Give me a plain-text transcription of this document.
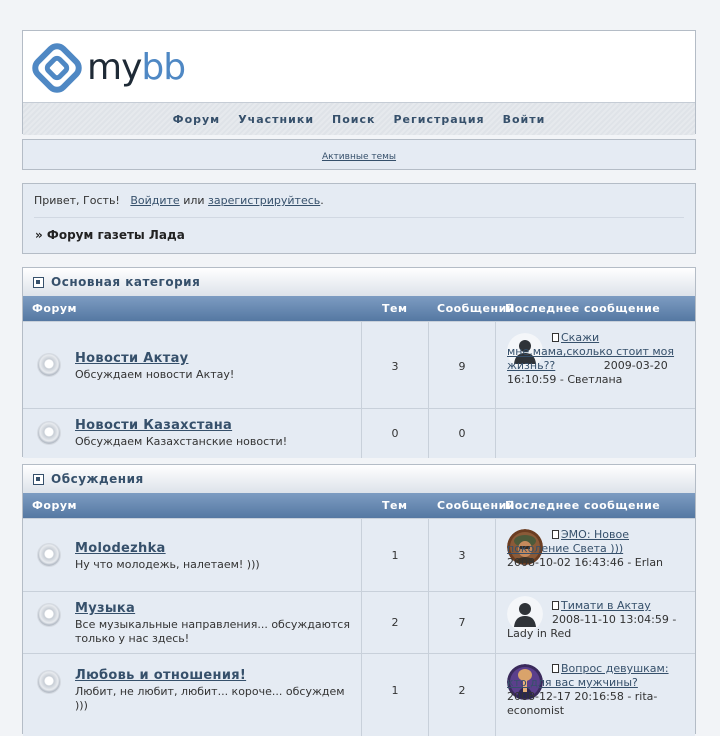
mybb
Форум Участники Поиск Регистрация Войти
Активные темы
Привет, Гость! Войдите или зарегистрируйтесь.
» Форум газеты Лада
Основная категория
Форум	Тем	Сообщений
Последнее сообщение
Новости Актау
Обсуждаем новости Актау!
3	9
Скажи мне,мама,сколько стоит моя жизнь??	2009-03-20 16:10:59 - Светлана
Новости Казахстана
Обсуждаем Казахстанские новости!
0	0
Обсуждения
Форум	Тем	Сообщений
Последнее сообщение
Molodezhka
Ну что молодежь, налетаем! )))
1	3
ЭМО: Новое поколение Света ))) 2008-10-02 16:43:46 - Erlan
Музыка
Все музыкальные направления... обсуждаются только у нас здесь!
2	7
Тимати в Актау 2008-11-10 13:04:59 - Lady in Red
Любовь и отношения!
Любит, не любит, любит... короче... обсуждем )))
1	2
Вопрос девушкам: кто для вас мужчины? 2008-12-17 20:16:58 - rita-economist
